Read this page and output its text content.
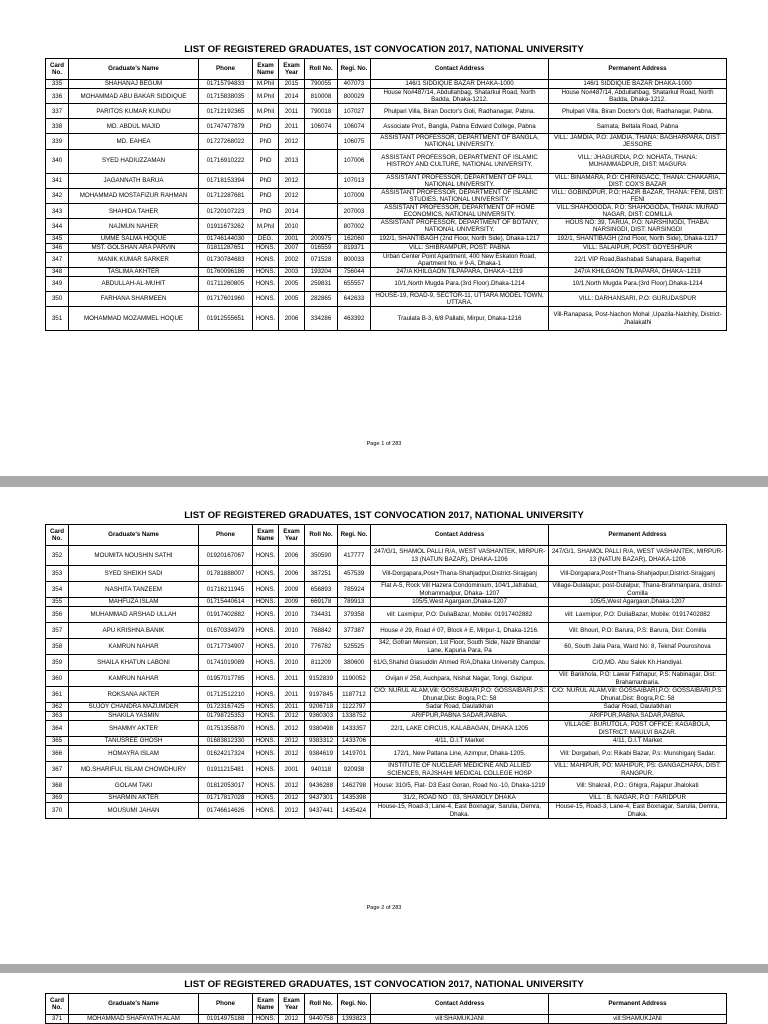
LIST OF REGISTERED GRADUATES, 1ST CONVOCATION 2017, NATIONAL UNIVERSITY
Card No.	Graduate's Name	Phone	Exam Name	Exam Year	Roll No.	Regi. No.	Contact Address	Permanent Address
335	SHAHANAJ BEGUM	01715794833	M.Phil	2015	790055	407073	146/1 SIDDIQUE BAZAR DHAKA-1000	146/1 SIDDIQUE BAZAR DHAKA-1000
336	MOHAMMAD ABU BAKAR SIDDIQUE	01715838035	M.Phil	2014	810008	800029	House No#487/14, Abdullahbag, Shatarkul Road, North Badda, Dhaka-1212.	House No#487/14, Abdullahbag, Shatarkul Road, North Badda, Dhaka-1212.
337	PARITOS KUMAR KUNDU	01712192365	M.Phil	2011	790018	107027	Phulpari Villa, Biran Doctor's Goli, Radhanagar, Pabna.	Phulpari Villa, Biran Doctor's Goli, Radhanagar, Pabna.
338	MD. ABDUL MAJID	01747477879	PhD	2011	106074	106074	Associate Prof., Bangla, Pabna Edward College, Pabna	Samata, Beltala Road, Pabna
339	MD. EAHEA	01727268022	PhD	2012		106075	ASSISTANT PROFESSOR, DEPARTMENT OF BANGLA, NATIONAL UNIVERSITY.	VILL: JAMDIA, P.O: JAMDIA, THANA: BAGHARPARA, DIST: JESSORE
340	SYED HADIUZZAMAN	01716910222	PhD	2013		107006	ASSISTANT PROFESSOR, DEPARTMENT OF ISLAMIC HISTROY AND CULTURE, NATIONAL UNIVERSITY.	VILL: JHAGURDIA, P.O: NOHATA, THANA: MUHAMMADPUR, DIST: MAGURA
341	JAGANNATH BARUA	01718153394	PhD	2012		107013	ASSISTANT PROFESSOR, DEPARTMENT OF PALI, NATIONAL UNIVERSITY.	VILL: BINAMARA, P.O: CHIRINGACC, THANA: CHAKARIA, DIST: COX'S BAZAR
342	MOHAMMAD MOSTAFIZUR RAHMAN	01712287681	PhD	2012		107009	ASSISTANT PROFESSOR, DEPARTMENT OF ISLAMIC STUDIES, NATIONAL UNIVERSITY.	VILL: GOBINDPUR, P.O: HAZIR BAZAR, THANA: FENI, DIST: FENI
343	SHAHIDA TAHER	01720107223	PhD	2014		207003	ASSISTANT PROFESSOR, DEPARTMENT OF HOME ECONOMICS, NATIONAL UNIVERSITY.	VILL:SHAHOGODA, P.O: SHAHOGODA, THANA: MURAD NAGAR, DIST: COMILLA
344	NAJMUN NAHER	01911673262	M.Phil	2010		807002	ASSISTANT PROFESSOR, DEPARTMENT OF BOTANY, NATIONAL UNIVERSITY.	HOUS NO: 39, TARUA, P.O: NARSHINGDI, THABA: NARSINGDI, DIST: NARSINGDI
345	UMME SALMA HOQUE	01746144030	DEG.	2001	200975	162060	192/1, SHANTIBAGH (2nd Floor, North Side), Dhaka-1217	192/1, SHANTIBAGH (2nd Floor, North Side), Dhaka-1217
346	MST. GOLSHAN ARA PARVIN	01811287651	HONS.	2007	016559	819371	VILL: SHIBRAMPUR, POST: PABNA	VILL: SALAIPUR, POST: GOYESHPUR
347	MANIK KUMAR SARKER	01730784683	HONS.	2002	071528	800033	Urban Center Point Apartment, 400 New Eskaton Road, Apartment No. # 9-A, Dhaka-1	22/1 VIP Road,Bashabati Sahapara, Bagerhat
348	TASLIMA AKHTER	01760096186	HONS.	2003	193204	756044	247/A KHILGAON TILPAPARA, DHAKA~1219	247/A KHILGAON TILPAPARA, DHAKA~1219
349	ABDULLAH-AL-MUHIT	01711260805	HONS.	2005	259831	655557	10/1,North Mugda Para.(3rd Floor).Dhaka-1214	10/1,North Mugda Para.(3rd Floor).Dhaka-1214
350	FARHANA SHARMEEN	01717601960	HONS.	2005	282865	642633	HOUSE-19, ROAD-9, SECTOR-11, UTTARA MODEL TOWN, UTTARA.	VILL: DARHANSARI, P.O: GURUDASPUR
351	MOHAMMAD MOZAMMEL HOQUE	01912555651	HONS.	2006	334286	463392	Traulata B-3, 6/8 Pallabi, Mirpur, Dhaka-1216	Vill-Ranapasa, Post-Nachon Mohal ,Upazila-Nalchity, District-Jhalakathi
Page 1 of 283
LIST OF REGISTERED GRADUATES, 1ST CONVOCATION 2017, NATIONAL UNIVERSITY
Card No.	Graduate's Name	Phone	Exam Name	Exam Year	Roll No.	Regi. No.	Contact Address	Permanent Address
352	MOUMITA NOUSHIN SATHI	01920167067	HONS.	2006	350590	417777	247/G/1, SHAMOL PALLI R/A, WEST VASHANTEK, MIRPUR-13 (NATUN BAZAR), DHAKA-1206	247/G/1, SHAMOL PALLI R/A, WEST VASHANTEK, MIRPUR-13 (NATUN BAZAR), DHAKA-1206
353	SYED SHEIKH SADI	01781888007	HONS.	2006	387251	457539	Vill-Dorgapara,Post+Thana-Shahjadpur,District-Sirajganj	Vill-Dorgapara,Post+Thana-Shahjadpur,District-Sirajganj
354	NASHITA TANZEEM	01716211945	HONS.	2009	656893	785924	Flat A-5, Rock Vill Hazera Condominium, 104/1,Jafrabad, Mohammadpur, Dhaka- 1207	Village-Dulalapur, post-Dulalpur, Thana-Brahmanpara, district-Comilla
355	MAHFUZA ISLAM	01715440614	HONS.	2009	669178	789913	105/5,West Agargaon,Dhaka-1207	105/5,West Agargaon,Dhaka-1207
356	MUHAMMAD ARSHAD ULLAH	01917402882	HONS.	2010	734431	379358	vill: Laxmipur, P.O: DuliaBazar, Mobile: 01917402882	vill: Laxmipur, P.O: DuliaBazar, Mobile: 01917402882
357	APU KRISHNA BANIK	01670334979	HONS.	2010	768842	377387	House # 29, Road # 07, Block # E, Mirpur-1, Dhaka-1216.	Vill: Bhouri, P.O: Barura, P.S: Barura, Dist: Comilla
358	KAMRUN NAHAR	01717734907	HONS.	2010	776782	525525	342, Gofran Mension, 1st Floor, South Side, Nazir Bhandar Lane, Kapuria Para, Pa	60, South Jalia Para, Ward No: 8, Teknaf Pouroshova
359	SHAILA KHATUN LABONI	01741019089	HONS.	2010	811209	380600	61/G,Shahid Giasuddin Ahmed R/A,Dhaka University Campus.	C/O,MD. Abu Salek Kh.Handiyal.
360	KAMRUN NAHAR	01957017785	HONS.	2011	9152839	1190052	Ovijan # 258, Auchpara, Nishat Nagar, Tongi, Gazipur.	Vill: Barikhola, P.O: Lawar Fathapur, P.S: Nabinagar, Dist: Brahamanbaria.
361	ROKSANA AKTER	01712512210	HONS.	2011	9197845	1187712	C/O: NURUL ALAM,Vill: GOSSAIBARI,P.O: GOSSAIBARI,P.S: Dhunat,Dist: Bogra,P.C: 58	C/O: NURUL ALAM,Vill: GOSSAIBARI,P.O: GOSSAIBARI,P.S: Dhunat,Dist: Bogra,P.C: 58
362	SUJOY CHANDRA MAZUMDER	01723167425	HONS.	2011	9206718	1122797	Sadar Road, Daulatkhan	Sadar Road, Daulatkhan
363	SHAKILA YASMIN	01798725353	HONS.	2012	9360303	1338752	ARIFPUR,PABNA SADAR,PABNA.	ARIFPUR,PABNA SADAR,PABNA.
364	SHAMMY AKTER	01751355870	HONS.	2012	9380498	1433357	22/1, LAKE CIRCUS, KALABAGAN, DHAKA 1205	VILLAGE: BURUTOLA, POST OFFICE: KAGABOLA, DISTRICT: MAULVI BAZAR.
365	TANUSREE GHOSH	01683812330	HONS.	2012	9383312	1433706	4/11, D.I.T Market	4/11, D.I.T Market
366	HOMAYRA ISLAM	01624217324	HONS.	2012	9384619	1419701	172/1, New Paltana Line, Azimpur, Dhaka-1205.	Vill: Dorgabari, P.o: Rikabi Bazar, P.s: Munshiganj Sadar.
367	MD.SHARIFUL ISLAM CHOWDHURY	01911215481	HONS.	2001	940118	920938	INSTITUTE OF NUCLEAR MEDICINE AND ALLIED SCIENCES, RAJSHAHI MEDICAL COLLEGE HOSP	VILL: MAHIPUR, PO: MAHIPUR, PS: GANGACHARA, DIST: RANGPUR.
368	GOLAM TAKI	01812053017	HONS.	2012	9436288	1462798	House: 310/5, Flat- D3 East Goran, Road No.-10, Dhaka-1219	Vill: Shakrail, P.O.: Ghigra, Rajapur Jhalokati
369	SHARMIN AKTER	01717817028	HONS.	2012	9437301	1435398	31/2, ROAD NO : 03, SHAMOLY DHAKA	VILL : B. NAGAR, P.O : FARIDPUR
370	MOUSUMI JAHAN	01746614626	HONS.	2012	9437441	1435424	House-15, Road-3, Lane-4, East Boxnagar, Sarulia, Demra, Dhaka.	House-15, Road-3, Lane-4, East Boxnagar, Sarulia, Demra, Dhaka.
Page 2 of 283
LIST OF REGISTERED GRADUATES, 1ST CONVOCATION 2017, NATIONAL UNIVERSITY
Card No.	Graduate's Name	Phone	Exam Name	Exam Year	Roll No.	Regi. No.	Contact Address	Permanent Address
371	MOHAMMAD SHAFAYATH ALAM	01914975188	HONS.	2012	9440758	1393823	vill:SHAMUKJANI	vill:SHAMUKJANI
